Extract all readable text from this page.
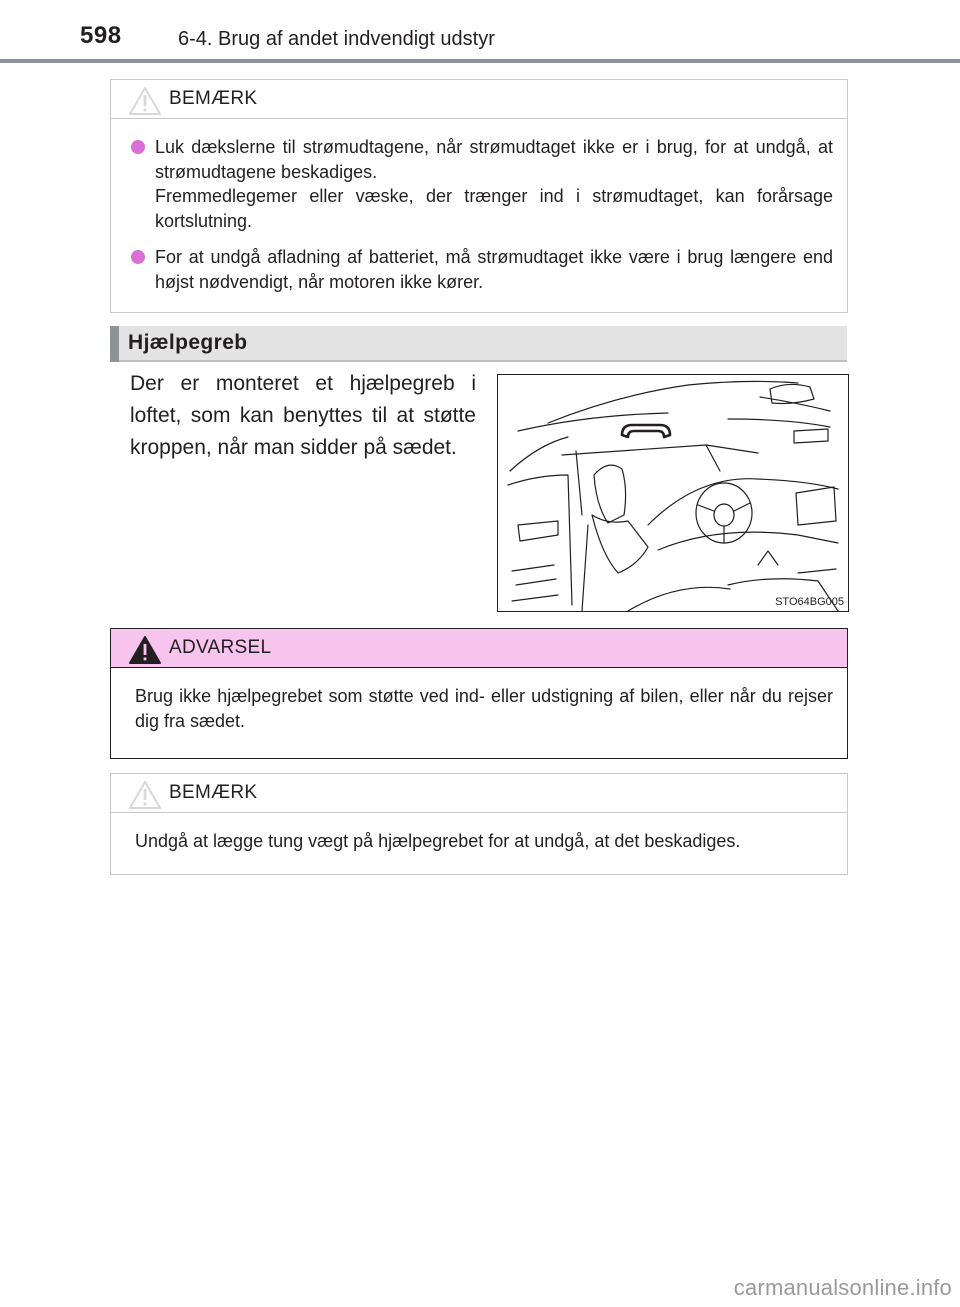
598	6-4. Brug af andet indvendigt udstyr
BEMÆRK
Luk dækslerne til strømudtagene, når strømudtaget ikke er i brug, for at undgå, at strømudtagene beskadiges.
Fremmedlegemer eller væske, der trænger ind i strømudtaget, kan forårsage kortslutning.
For at undgå afladning af batteriet, må strømudtaget ikke være i brug længere end højst nødvendigt, når motoren ikke kører.
Hjælpegreb
Der er monteret et hjælpegreb i loftet, som kan benyttes til at støtte kroppen, når man sidder på sædet.
STO64BG005
ADVARSEL
Brug ikke hjælpegrebet som støtte ved ind- eller udstigning af bilen, eller når du rejser dig fra sædet.
BEMÆRK
Undgå at lægge tung vægt på hjælpegrebet for at undgå, at det beskadiges.
carmanualsonline.info
